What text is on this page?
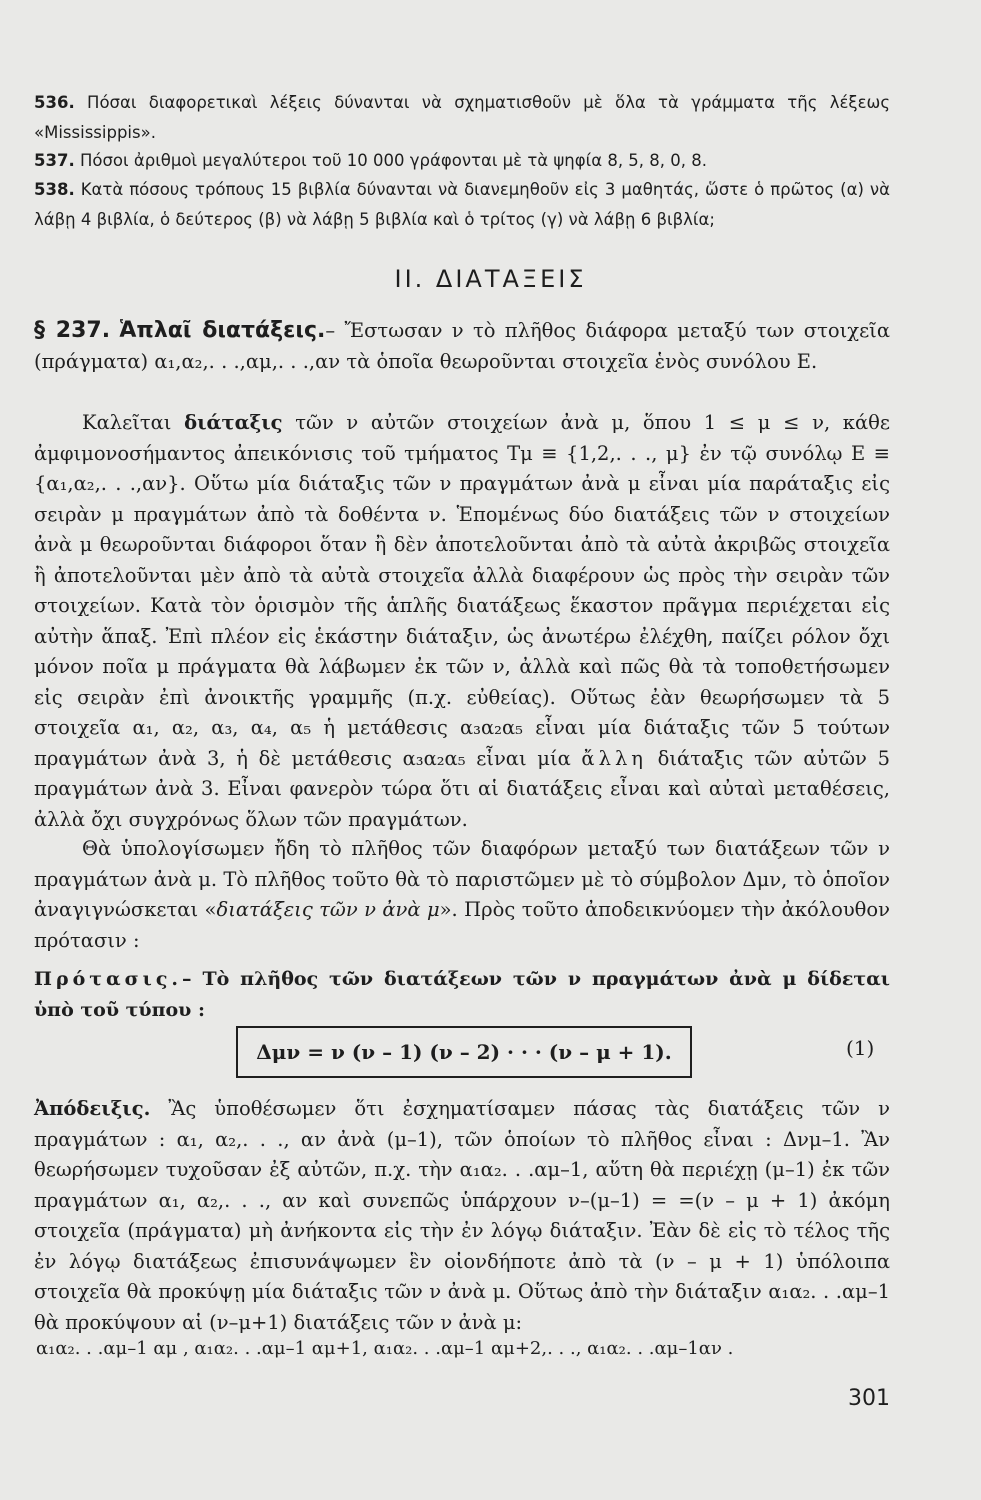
536. Πόσαι διαφορετικαὶ λέξεις δύνανται νὰ σχηματισθοῦν μὲ ὅλα τὰ γράμματα τῆς λέξεως «Mississippis».
537. Πόσοι ἀριθμοὶ μεγαλύτεροι τοῦ 10 000 γράφονται μὲ τὰ ψηφία 8, 5, 8, 0, 8.
538. Κατὰ πόσους τρόπους 15 βιβλία δύνανται νὰ διανεμηθοῦν εἰς 3 μαθητάς, ὥστε ὁ πρῶτος (α) νὰ λάβῃ 4 βιβλία, ὁ δεύτερος (β) νὰ λάβῃ 5 βιβλία καὶ ὁ τρίτος (γ) νὰ λάβῃ 6 βιβλία;
II. ΔΙΑΤΑΞΕΙΣ
§ 237. Ἁπλαῖ διατάξεις.– Ἔστωσαν ν τὸ πλῆθος διάφορα μεταξύ των στοιχεῖα (πράγματα) α₁,α₂,. . .,αμ,. . .,αν τὰ ὁποῖα θεωροῦνται στοιχεῖα ἑνὸς συνόλου Ε.
Καλεῖται διάταξις τῶν ν αὐτῶν στοιχείων ἀνὰ μ, ὅπου 1 ≤ μ ≤ ν, κάθε ἀμφιμονοσήμαντος ἀπεικόνισις τοῦ τμήματος Τμ ≡ {1,2,. . ., μ} ἐν τῷ συνόλῳ Ε ≡ {α₁,α₂,. . .,αν}. Οὕτω μία διάταξις τῶν ν πραγμάτων ἀνὰ μ εἶναι μία παράταξις εἰς σειρὰν μ πραγμάτων ἀπὸ τὰ δοθέντα ν. Ἑπομένως δύο διατάξεις τῶν ν στοιχείων ἀνὰ μ θεωροῦνται διάφοροι ὅταν ἢ δὲν ἀποτελοῦνται ἀπὸ τὰ αὐτὰ ἀκριβῶς στοιχεῖα ἢ ἀποτελοῦνται μὲν ἀπὸ τὰ αὐτὰ στοιχεῖα ἀλλὰ διαφέρουν ὡς πρὸς τὴν σειρὰν τῶν στοιχείων. Κατὰ τὸν ὁρισμὸν τῆς ἁπλῆς διατάξεως ἕκαστον πρᾶγμα περιέχεται εἰς αὐτὴν ἅπαξ. Ἐπὶ πλέον εἰς ἑκάστην διάταξιν, ὡς ἀνωτέρω ἐλέχθη, παίζει ρόλον ὄχι μόνον ποῖα μ πράγματα θὰ λάβωμεν ἐκ τῶν ν, ἀλλὰ καὶ πῶς θὰ τὰ τοποθετήσωμεν εἰς σειρὰν ἐπὶ ἀνοικτῆς γραμμῆς (π.χ. εὐθείας). Οὕτως ἐὰν θεωρήσωμεν τὰ 5 στοιχεῖα α₁, α₂, α₃, α₄, α₅ ἡ μετάθεσις α₃α₂α₅ εἶναι μία διάταξις τῶν 5 τούτων πραγμάτων ἀνὰ 3, ἡ δὲ μετάθεσις α₃α₂α₅ εἶναι μία ἄλλη διάταξις τῶν αὐτῶν 5 πραγμάτων ἀνὰ 3. Εἶναι φανερὸν τώρα ὅτι αἱ διατάξεις εἶναι καὶ αὐταὶ μεταθέσεις, ἀλλὰ ὄχι συγχρόνως ὅλων τῶν πραγμάτων.
Θὰ ὑπολογίσωμεν ἤδη τὸ πλῆθος τῶν διαφόρων μεταξύ των διατάξεων τῶν ν πραγμάτων ἀνὰ μ. Τὸ πλῆθος τοῦτο θὰ τὸ παριστῶμεν μὲ τὸ σύμβολον Δμν, τὸ ὁποῖον ἀναγιγνώσκεται «διατάξεις τῶν ν ἀνὰ μ». Πρὸς τοῦτο ἀποδεικνύομεν τὴν ἀκόλουθον πρότασιν :
Πρότασις.– Τὸ πλῆθος τῶν διατάξεων τῶν ν πραγμάτων ἀνὰ μ δίδεται ὑπὸ τοῦ τύπου :
Δμν = ν (ν – 1) (ν – 2) · · · (ν – μ + 1).	(1)
Ἀπόδειξις. Ἂς ὑποθέσωμεν ὅτι ἐσχηματίσαμεν πάσας τὰς διατάξεις τῶν ν πραγμάτων : α₁, α₂,. . ., αν ἀνὰ (μ–1), τῶν ὁποίων τὸ πλῆθος εἶναι : Δνμ–1. Ἂν θεωρήσωμεν τυχοῦσαν ἐξ αὐτῶν, π.χ. τὴν α₁α₂. . .αμ–1, αὕτη θὰ περιέχῃ (μ–1) ἐκ τῶν πραγμάτων α₁, α₂,. . ., αν καὶ συνεπῶς ὑπάρχουν ν–(μ–1) = =(ν – μ + 1) ἀκόμη στοιχεῖα (πράγματα) μὴ ἀνήκοντα εἰς τὴν ἐν λόγῳ διάταξιν. Ἐὰν δὲ εἰς τὸ τέλος τῆς ἐν λόγῳ διατάξεως ἐπισυνάψωμεν ἓν οἱονδήποτε ἀπὸ τὰ (ν – μ + 1) ὑπόλοιπα στοιχεῖα θὰ προκύψῃ μία διάταξις τῶν ν ἀνὰ μ. Οὕτως ἀπὸ τὴν διάταξιν α₁α₂. . .αμ–1 θὰ προκύψουν αἱ (ν–μ+1) διατάξεις τῶν ν ἀνὰ μ:
α₁α₂. . .αμ–1 αμ , α₁α₂. . .αμ–1 αμ+1, α₁α₂. . .αμ–1 αμ+2,. . ., α₁α₂. . .αμ–1αν .
301
